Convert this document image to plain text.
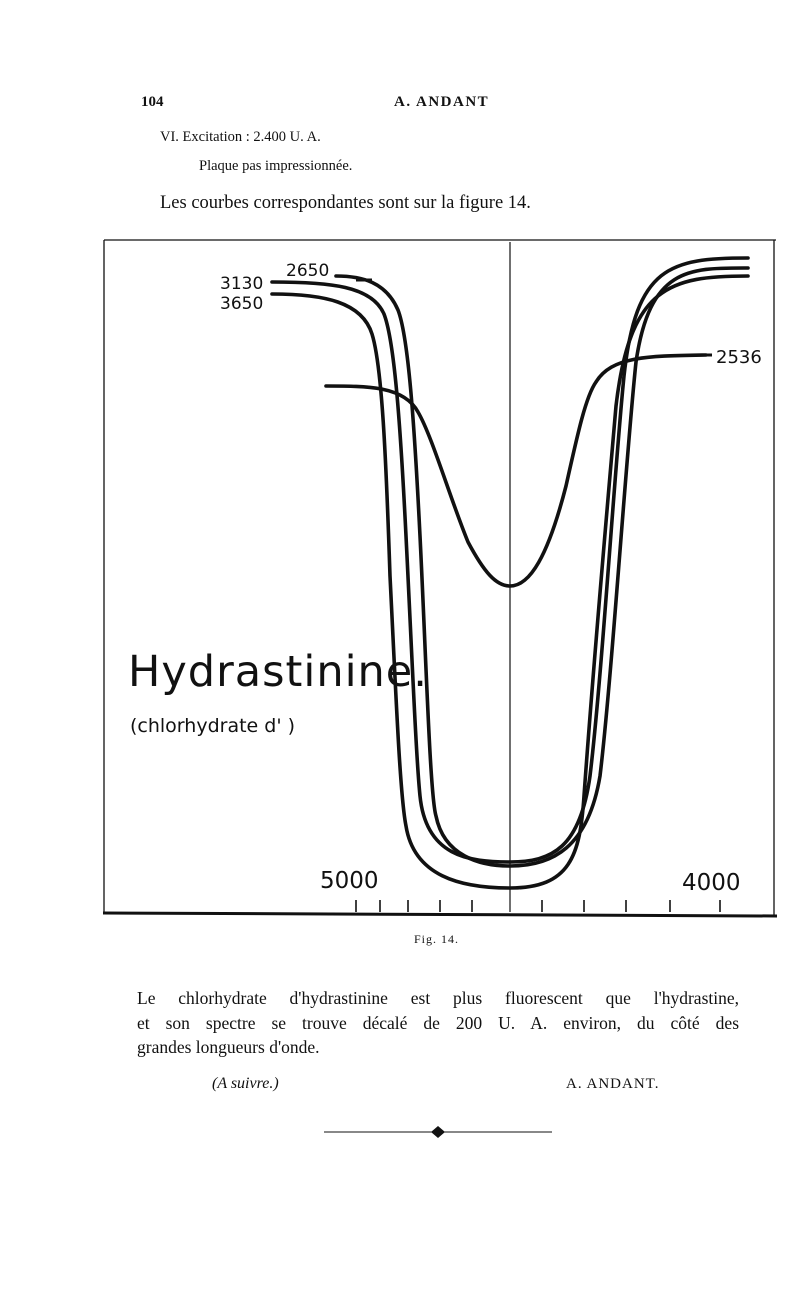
104	A. ANDANT
VI. Excitation : 2.400 U. A.
Plaque pas impressionnée.
Les courbes correspondantes sont sur la figure 14.
3130
2650
3650
2536
5000	4000
Hydrastinine.
(chlorhydrate d' )
Fig. 14.
Le chlorhydrate d'hydrastinine est plus fluorescent que l'hydrastine,
et son spectre se trouve décalé de 200 U. A. environ, du côté des
grandes longueurs d'onde.
(A suivre.)	A. ANDANT.
